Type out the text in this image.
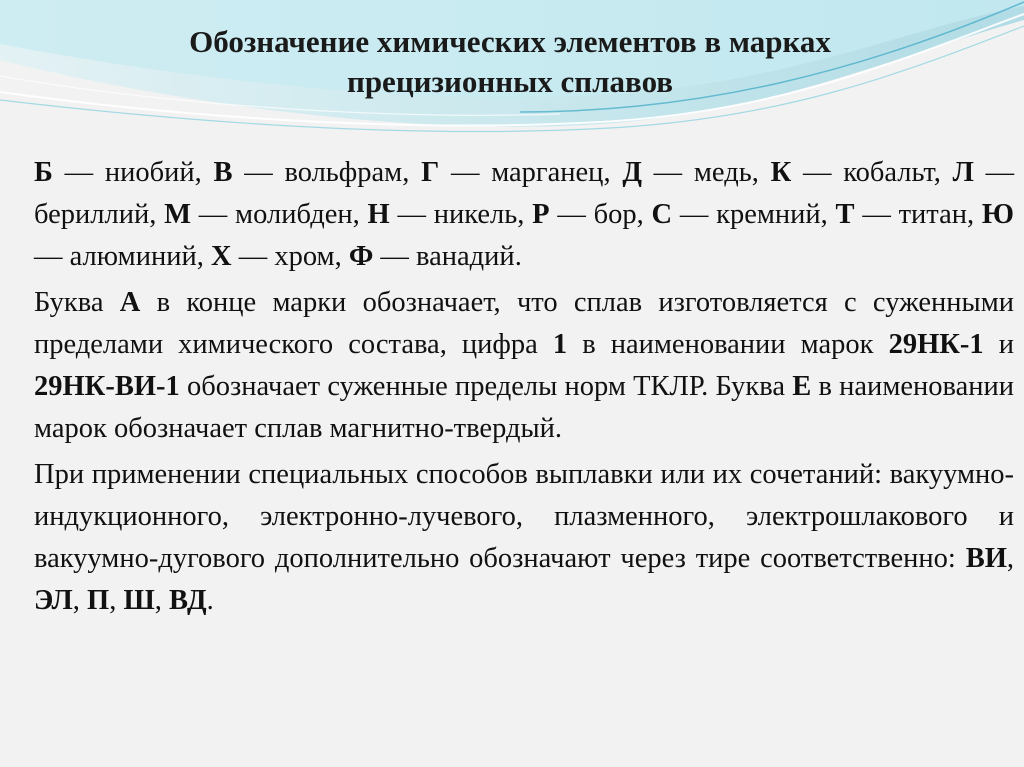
Обозначение химических элементов в марках
прецизионных сплавов

Б — ниобий, В — вольфрам, Г — марганец, Д — медь, К — кобальт, Л — бериллий, М — молибден, Н — никель, Р — бор, С — кремний, Т — титан, Ю — алюминий, Х — хром, Ф — ванадий.

Буква А в конце марки обозначает, что сплав изготовляется с суженными пределами химического состава, цифра 1 в наименовании марок 29НК-1 и 29НК-ВИ-1 обозначает суженные пределы норм ТКЛР. Буква Е в наименовании марок обозначает сплав магнитно-твердый.

При применении специальных способов выплавки или их сочетаний: вакуумно-индукционного, электронно-лучевого, плазменного, электрошлакового и вакуумно-дугового дополнительно обозначают через тире соответственно: ВИ, ЭЛ, П, Ш, ВД.
